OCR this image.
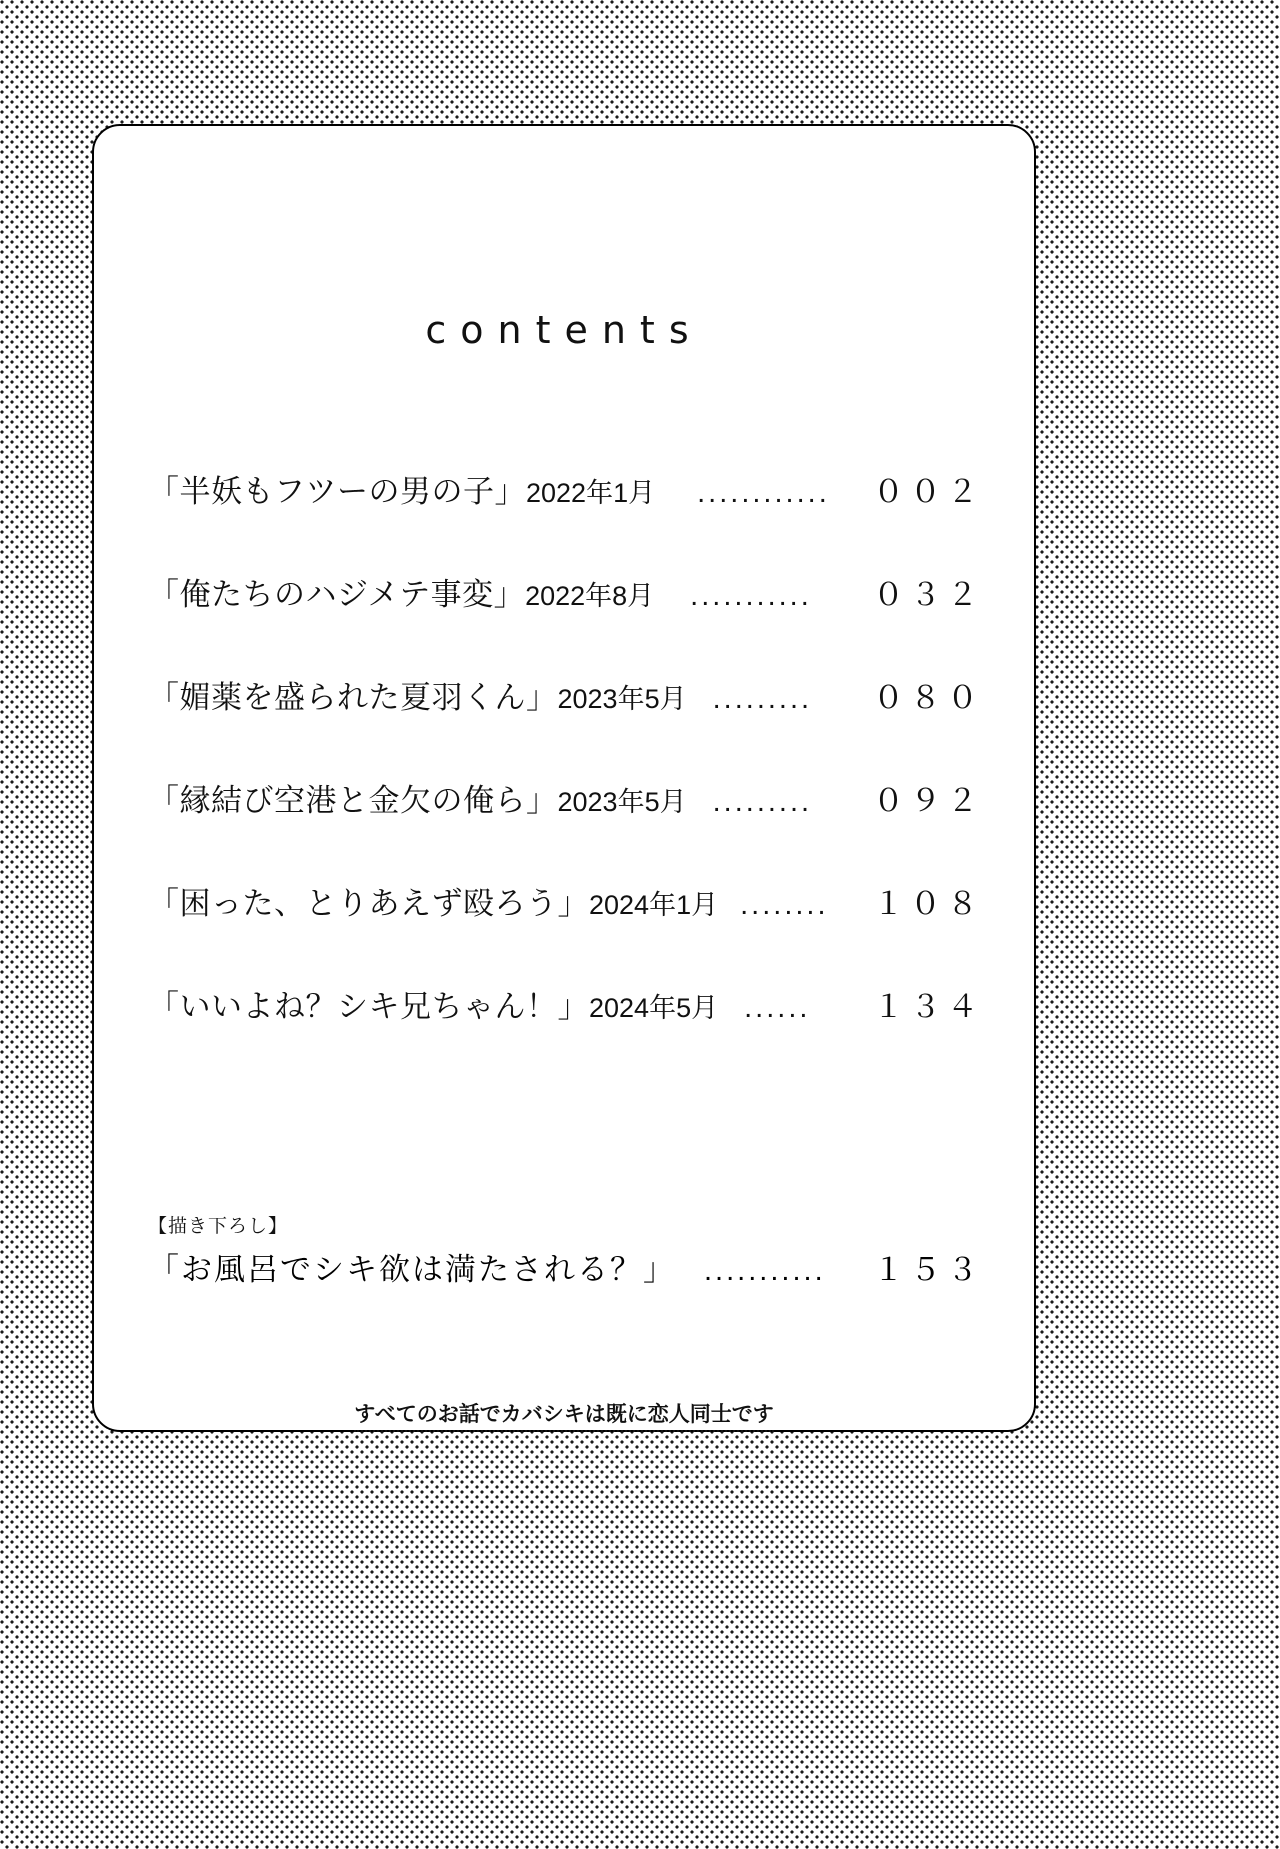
contents
「半妖もフツーの男の子」 2022年1月 ............ ００２
「俺たちのハジメテ事変」 2022年8月 ........... ０３２
「媚薬を盛られた夏羽くん」 2023年5月 ......... ０８０
「縁結び空港と金欠の俺ら」 2023年5月 ......... ０９２
「困った、とりあえず殴ろう」 2024年1月 ........ １０８
「いいよね？シキ兄ちゃん！」 2024年5月 ...... １３４
【描き下ろし】
「お風呂でシキ欲は満たされる？」 ........... １５３
すべてのお話でカバシキは既に恋人同士です
